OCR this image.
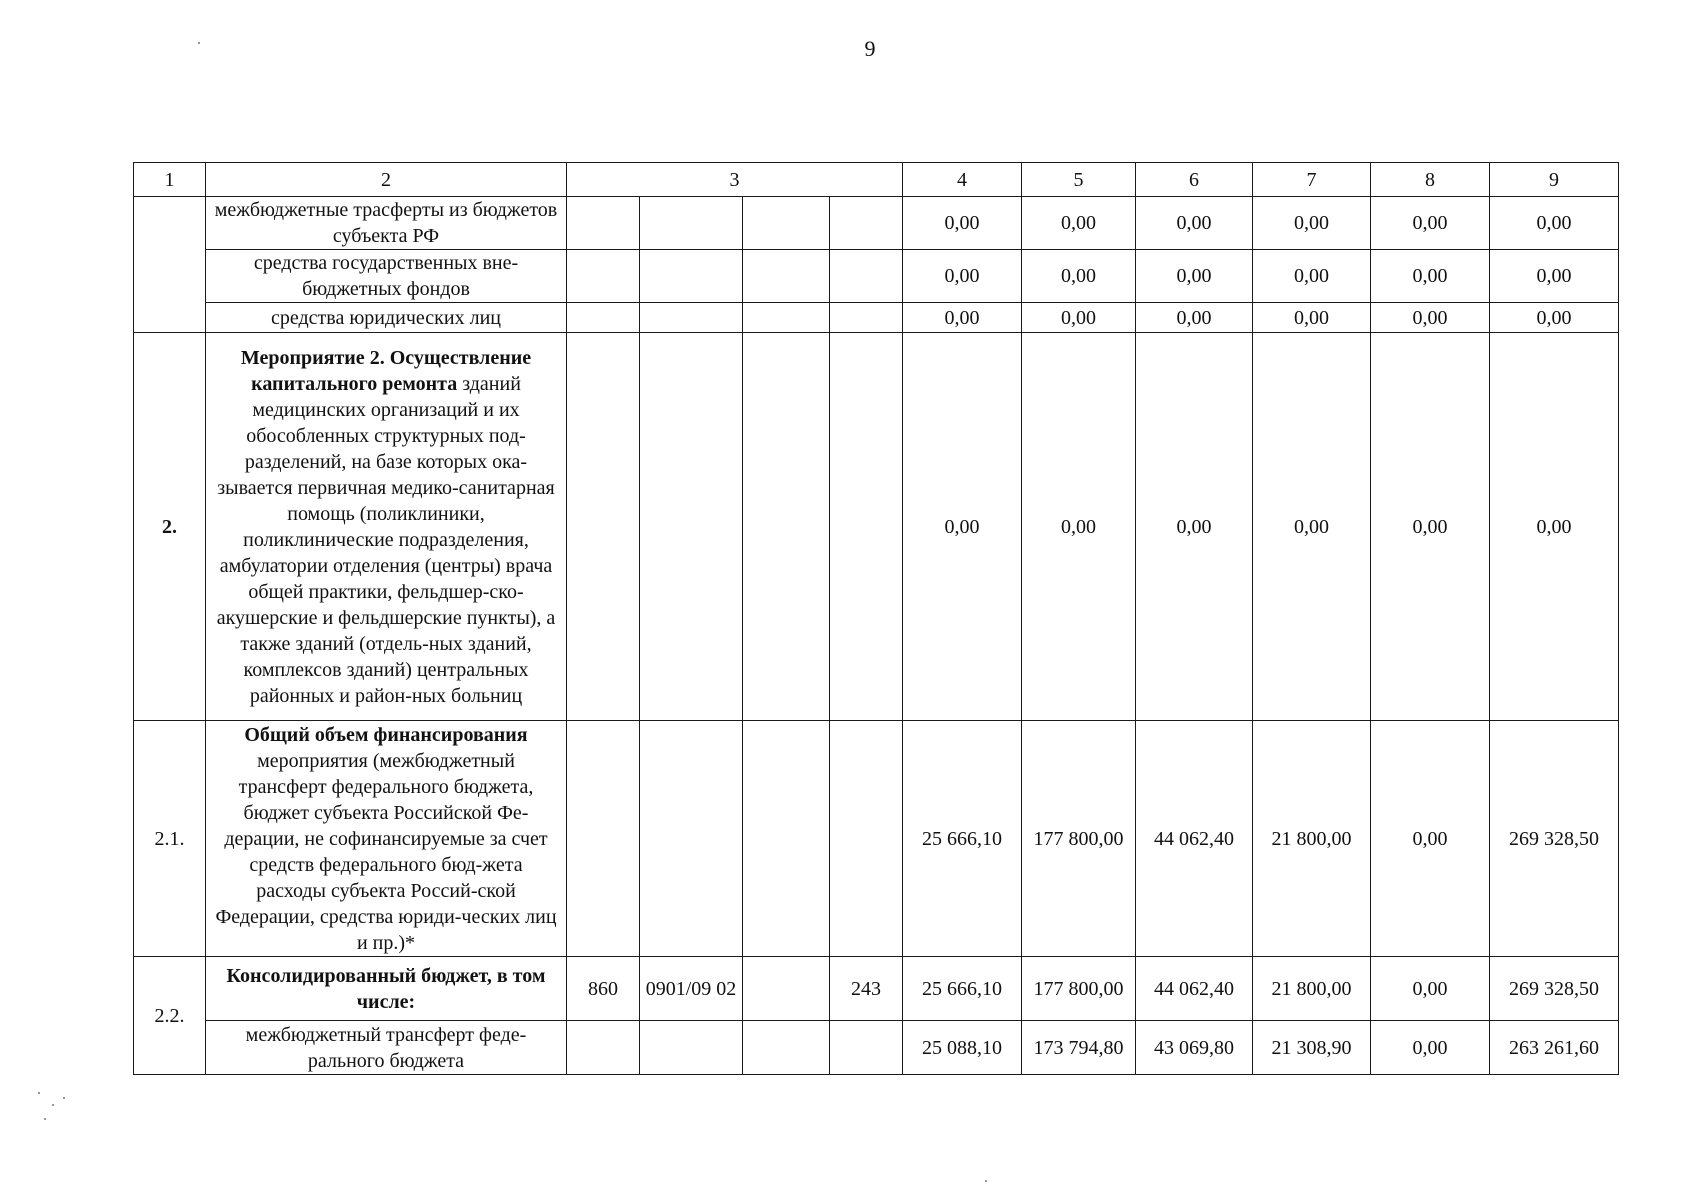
9
1	2	3				4	5	6	7	8	9
	межбюджетные трасферты из бюджетов субъекта РФ					0,00	0,00	0,00	0,00	0,00	0,00
	средства государственных вне-бюджетных фондов					0,00	0,00	0,00	0,00	0,00	0,00
	средства юридических лиц					0,00	0,00	0,00	0,00	0,00	0,00
2.	Мероприятие 2. Осуществление капитального ремонта зданий медицинских организаций и их обособленных структурных под-разделений, на базе которых ока-зывается первичная медико-санитарная помощь (поликлиники, поликлинические подразделения, амбулатории отделения (центры) врача общей практики, фельдшер-ско-акушерские и фельдшерские пункты), а также зданий (отдель-ных зданий, комплексов зданий) центральных районных и район-ных больниц					0,00	0,00	0,00	0,00	0,00	0,00
2.1.	Общий объем финансирования мероприятия (межбюджетный трансферт федерального бюджета, бюджет субъекта Российской Фе-дерации, не софинансируемые за счет средств федерального бюд-жета расходы субъекта Россий-ской Федерации, средства юриди-ческих лиц и пр.)*					25 666,10	177 800,00	44 062,40	21 800,00	0,00	269 328,50
2.2.	Консолидированный бюджет, в том числе:	860	0901/09 02		243	25 666,10	177 800,00	44 062,40	21 800,00	0,00	269 328,50
	межбюджетный трансферт феде-рального бюджета					25 088,10	173 794,80	43 069,80	21 308,90	0,00	263 261,60
